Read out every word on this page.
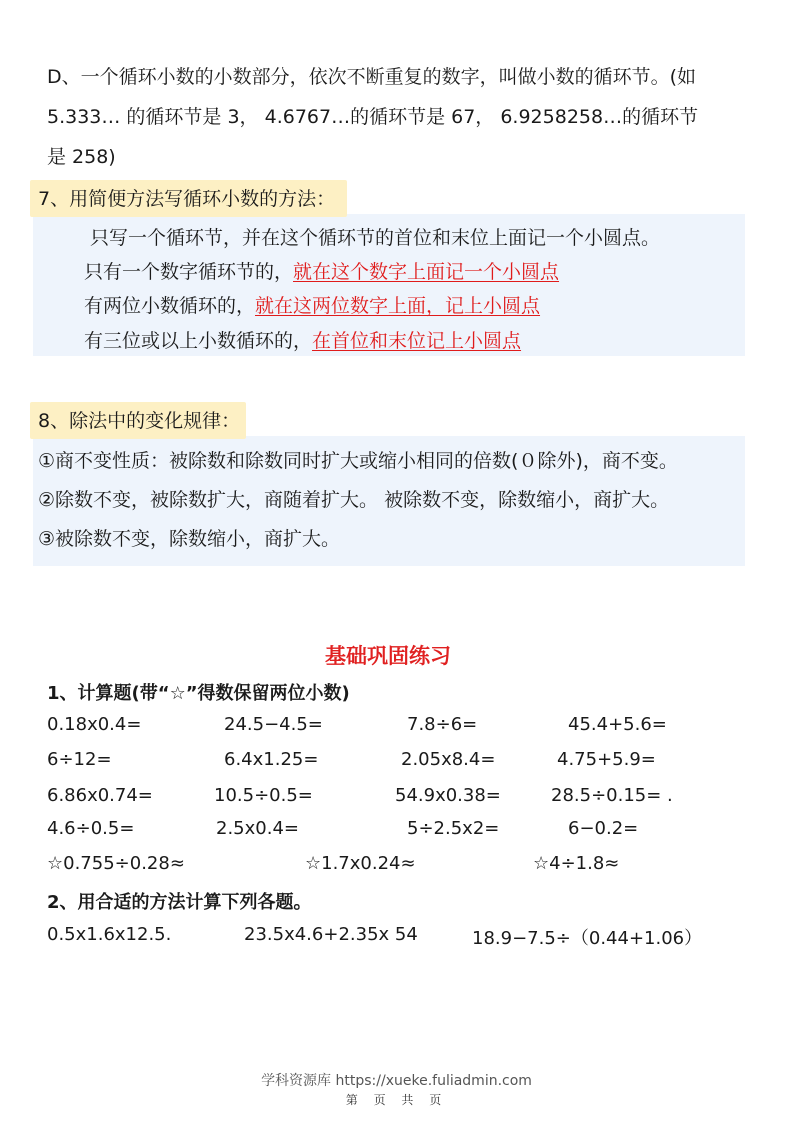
D、一个循环小数的小数部分，依次不断重复的数字，叫做小数的循环节。(如
5.333… 的循环节是 3， 4.6767…的循环节是 67， 6.9258258…的循环节
是 258)
7、用简便方法写循环小数的方法：
只写一个循环节，并在这个循环节的首位和末位上面记一个小圆点。
只有一个数字循环节的，就在这个数字上面记一个小圆点
有两位小数循环的，就在这两位数字上面，记上小圆点
有三位或以上小数循环的，在首位和末位记上小圆点
8、除法中的变化规律：
①商不变性质：被除数和除数同时扩大或缩小相同的倍数(０除外)，商不变。
②除数不变，被除数扩大，商随着扩大。 被除数不变，除数缩小，商扩大。
③被除数不变，除数缩小，商扩大。
基础巩固练习
1、计算题(带“☆”得数保留两位小数)
0.18x0.4=	24.5−4.5=	7.8÷6=	45.4+5.6=
6÷12=	6.4x1.25=	2.05x8.4=	4.75+5.9=
6.86x0.74=	10.5÷0.5=	54.9x0.38=	28.5÷0.15= .
4.6÷0.5=	2.5x0.4=	5÷2.5x2=	6−0.2=
☆0.755÷0.28≈	☆1.7x0.24≈	☆4÷1.8≈
2、用合适的方法计算下列各题。
0.5x1.6x12.5.	23.5x4.6+2.35x 54	18.9−7.5÷（0.44+1.06）
学科资源库 https://xueke.fuliadmin.com
第 页 共 页
